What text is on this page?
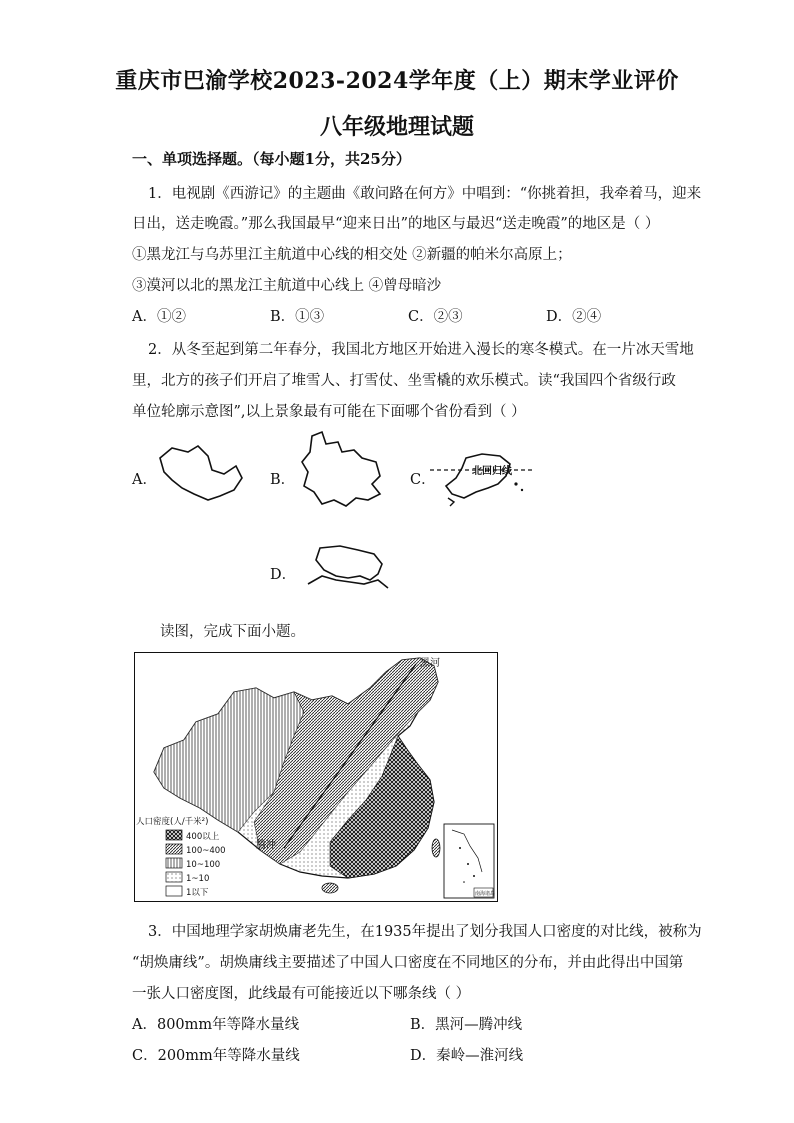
重庆市巴渝学校2023-2024学年度（上）期末学业评价
八年级地理试题
一、单项选择题。（每小题1分，共25分）
1．电视剧《西游记》的主题曲《敢问路在何方》中唱到：“你挑着担，我牵着马，迎来
日出，送走晚霞。”那么我国最早“迎来日出”的地区与最迟“送走晚霞”的地区是（ ）
①黑龙江与乌苏里江主航道中心线的相交处 ②新疆的帕米尔高原上；
③漠河以北的黑龙江主航道中心线上 ④曾母暗沙
A．①②	B．①③	C．②③	D．②④
2．从冬至起到第二年春分，我国北方地区开始进入漫长的寒冬模式。在一片冰天雪地
里，北方的孩子们开启了堆雪人、打雪仗、坐雪橇的欢乐模式。读“我国四个省级行政
单位轮廓示意图”,以上景象最有可能在下面哪个省份看到（ ）
A．	B．	C．
北回归线
D．
读图，完成下面小题。
黑河
腾冲
人口密度(人/千米²)
400以上
100~400
10~100
1~10
1以下	南海诸岛
3．中国地理学家胡焕庸老先生，在1935年提出了划分我国人口密度的对比线，被称为
“胡焕庸线”。胡焕庸线主要描述了中国人口密度在不同地区的分布，并由此得出中国第
一张人口密度图，此线最有可能接近以下哪条线（ ）
A．800mm年等降水量线	B．黑河—腾冲线
C．200mm年等降水量线	D．秦岭—淮河线
